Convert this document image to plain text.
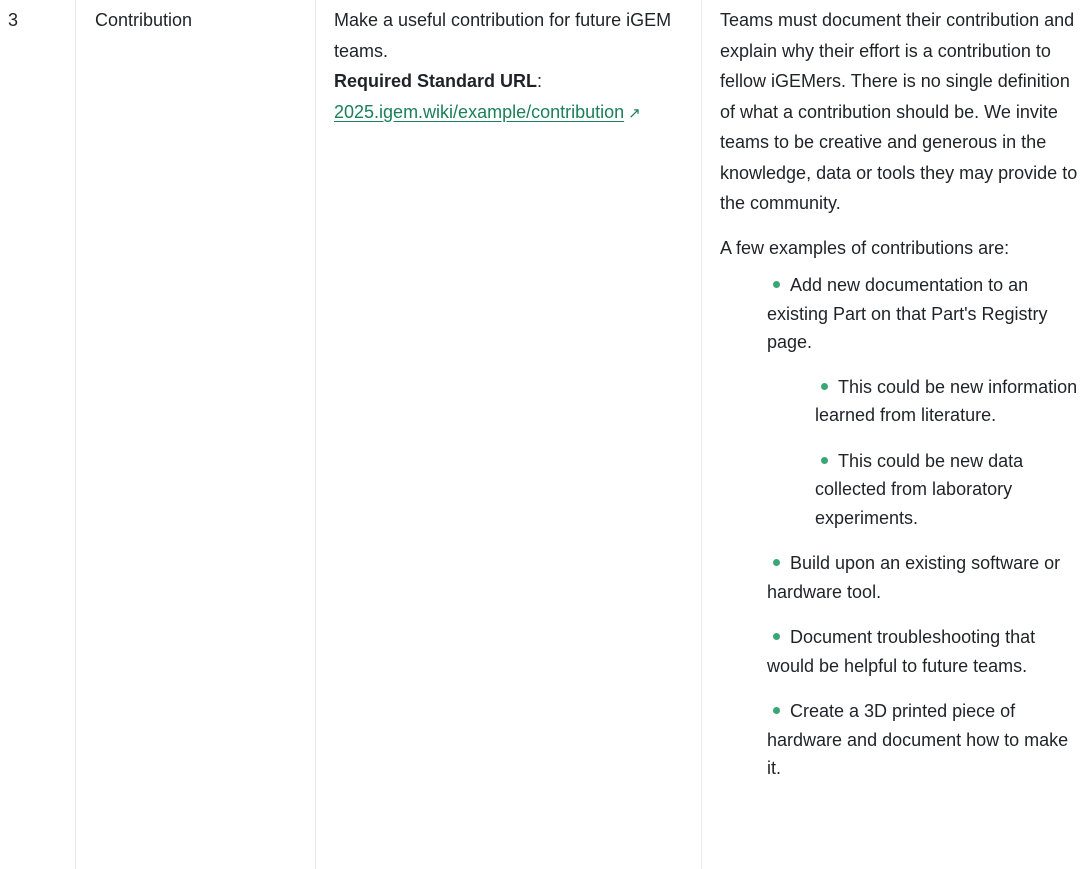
3	Contribution	Make a useful contribution for future iGEM teams.
Required Standard URL:
2025.igem.wiki/example/contribution ↗

Teams must document their contribution and explain why their effort is a contribution to fellow iGEMers. There is no single definition of what a contribution should be. We invite teams to be creative and generous in the knowledge, data or tools they may provide to the community.

A few examples of contributions are:

Add new documentation to an existing Part on that Part's Registry page.
This could be new information learned from literature.
This could be new data collected from laboratory experiments.
Build upon an existing software or hardware tool.
Document troubleshooting that would be helpful to future teams.
Create a 3D printed piece of hardware and document how to make it.
